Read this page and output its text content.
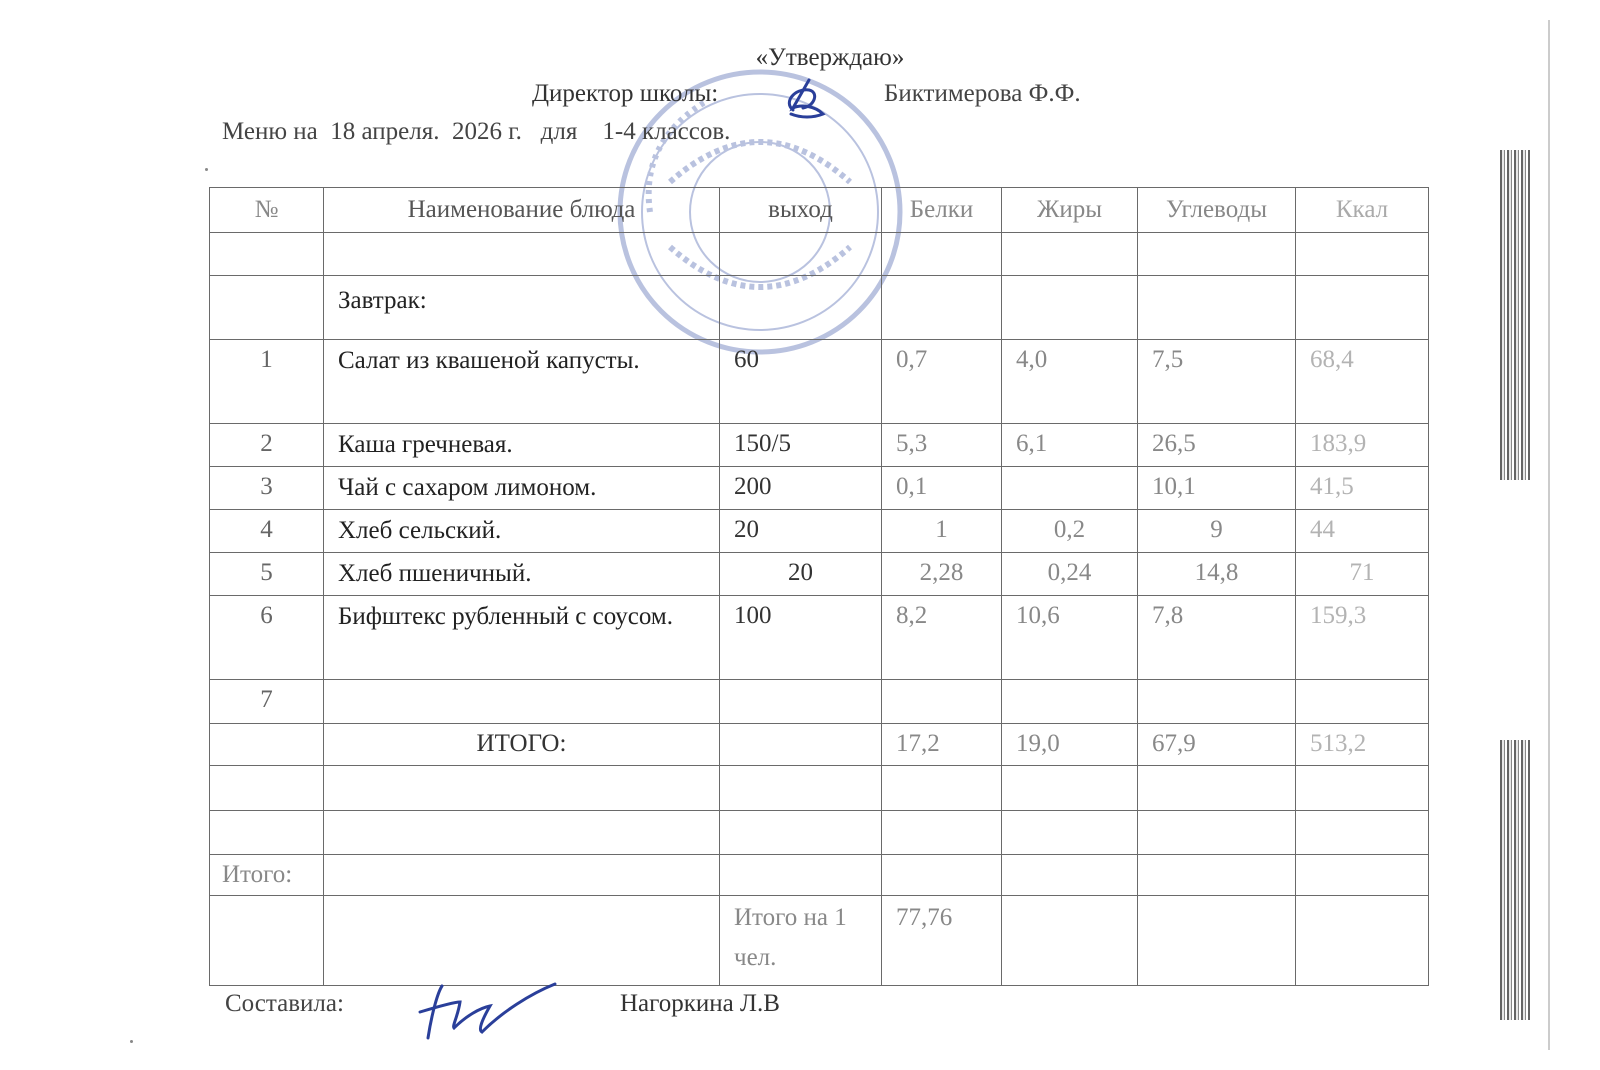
«Утверждаю»
Директор школы:	Биктимерова Ф.Ф.
Меню на  18 апреля.  2026 г.   для    1-4 классов.
№	Наименование блюда	выход	Белки	Жиры	Углеводы	Ккал

	Завтрак:					
1	Салат из квашеной капусты.	60	0,7	4,0	7,5	68,4
2	Каша гречневая.	150/5	5,3	6,1	26,5	183,9
3	Чай с сахаром лимоном.	200	0,1		10,1	41,5
4	Хлеб сельский.	20	1	0,2	9	44
5	Хлеб пшеничный.	20	2,28	0,24	14,8	71
6	Бифштекс рубленный с соусом.	100	8,2	10,6	7,8	159,3
7						
	ИТОГО:		17,2	19,0	67,9	513,2

Итого:						
		Итого на 1 чел.	77,76			
Составила:	Нагоркина Л.В
